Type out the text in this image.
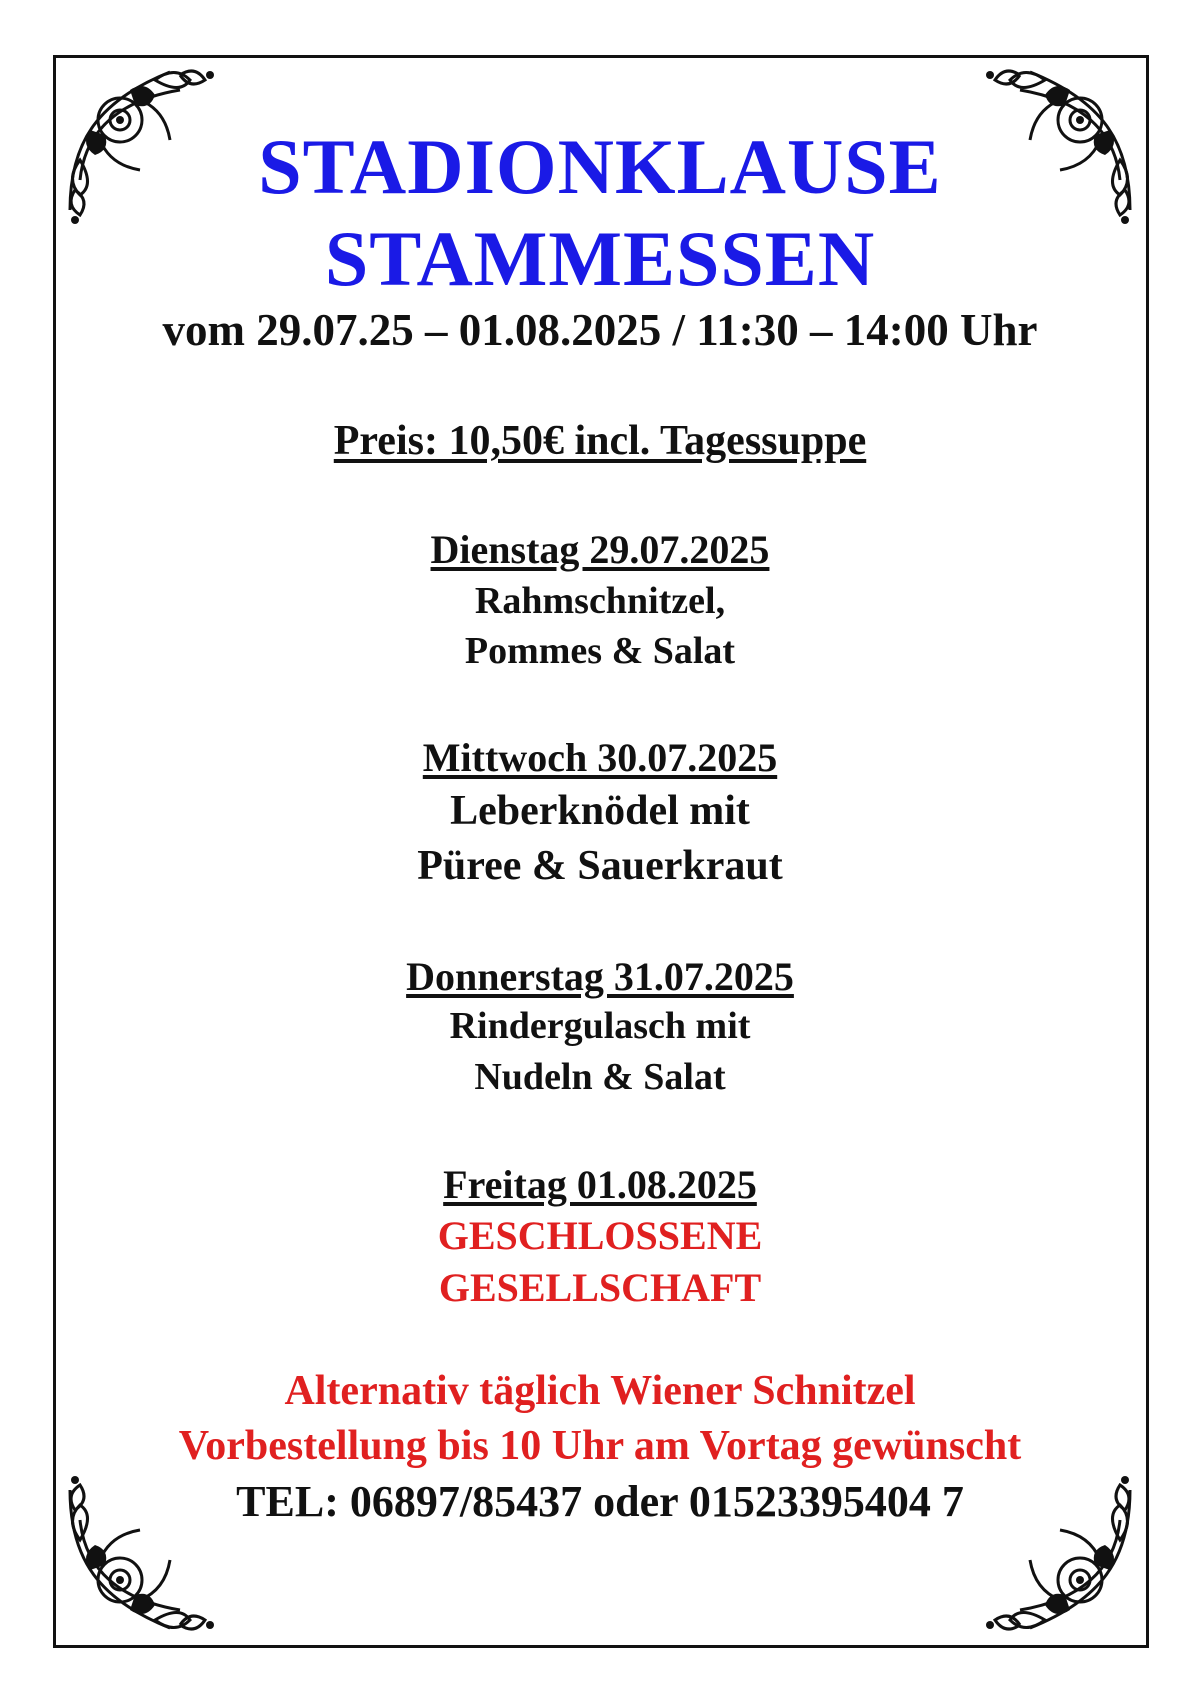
STADIONKLAUSE
STAMMESSEN
vom 29.07.25 – 01.08.2025 / 11:30 – 14:00 Uhr
Preis: 10,50€ incl. Tagessuppe
Dienstag 29.07.2025
Rahmschnitzel,
Pommes & Salat
Mittwoch 30.07.2025
Leberknödel mit
Püree & Sauerkraut
Donnerstag 31.07.2025
Rindergulasch mit
Nudeln & Salat
Freitag 01.08.2025
GESCHLOSSENE
GESELLSCHAFT
Alternativ täglich Wiener Schnitzel
Vorbestellung bis 10 Uhr am Vortag gewünscht
TEL: 06897/85437 oder 01523395404 7
